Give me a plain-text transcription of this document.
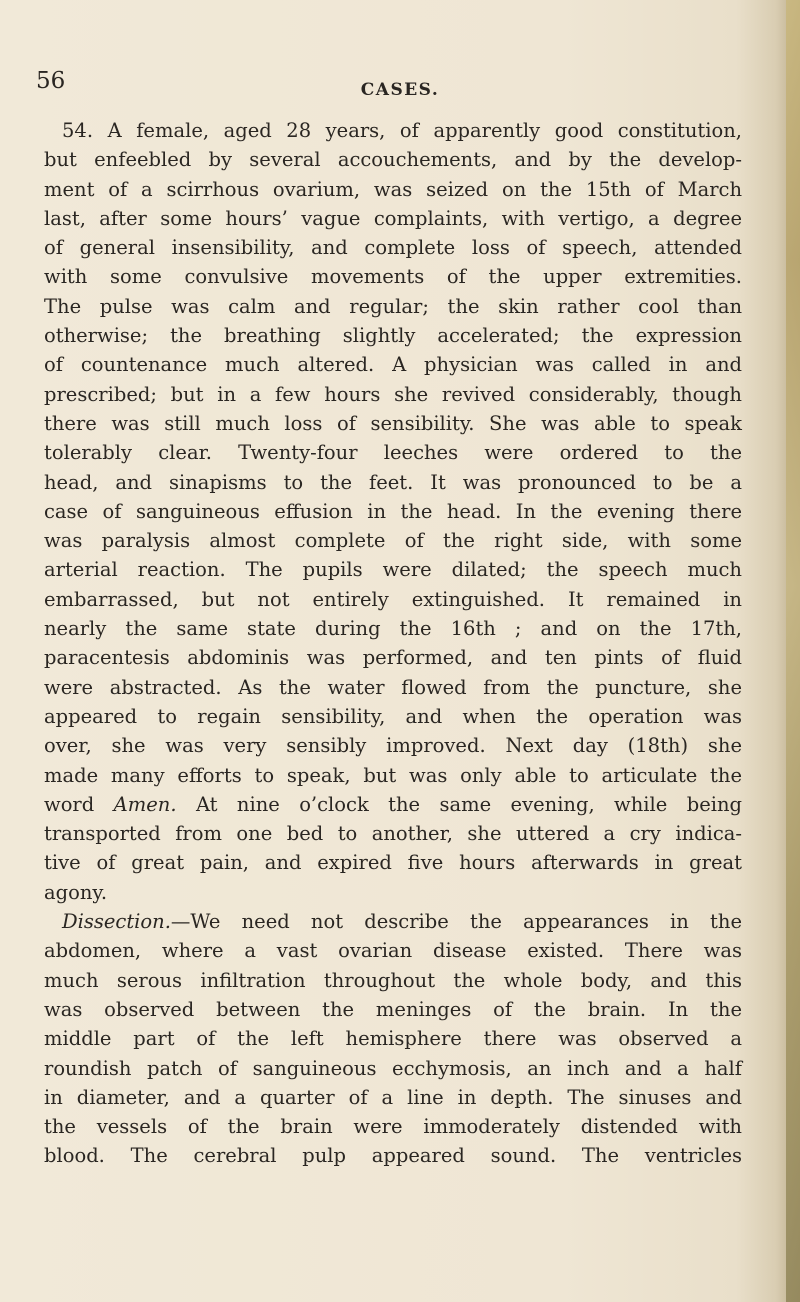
56	CASES.
54. A female, aged 28 years, of apparently good constitution,
but enfeebled by several accouchements, and by the develop-
ment of a scirrhous ovarium, was seized on the 15th of March
last, after some hours’ vague complaints, with vertigo, a degree
of general insensibility, and complete loss of speech, attended
with some convulsive movements of the upper extremities.
The pulse was calm and regular; the skin rather cool than
otherwise; the breathing slightly accelerated; the expression
of countenance much altered. A physician was called in and
prescribed; but in a few hours she revived considerably, though
there was still much loss of sensibility. She was able to speak
tolerably clear. Twenty-four leeches were ordered to the
head, and sinapisms to the feet. It was pronounced to be a
case of sanguineous effusion in the head. In the evening there
was paralysis almost complete of the right side, with some
arterial reaction. The pupils were dilated; the speech much
embarrassed, but not entirely extinguished. It remained in
nearly the same state during the 16th ; and on the 17th,
paracentesis abdominis was performed, and ten pints of fluid
were abstracted. As the water flowed from the puncture, she
appeared to regain sensibility, and when the operation was
over, she was very sensibly improved. Next day (18th) she
made many efforts to speak, but was only able to articulate the
word Amen. At nine o’clock the same evening, while being
transported from one bed to another, she uttered a cry indica-
tive of great pain, and expired five hours afterwards in great
agony.
Dissection.—We need not describe the appearances in the
abdomen, where a vast ovarian disease existed. There was
much serous infiltration throughout the whole body, and this
was observed between the meninges of the brain. In the
middle part of the left hemisphere there was observed a
roundish patch of sanguineous ecchymosis, an inch and a half
in diameter, and a quarter of a line in depth. The sinuses and
the vessels of the brain were immoderately distended with
blood. The cerebral pulp appeared sound. The ventricles
